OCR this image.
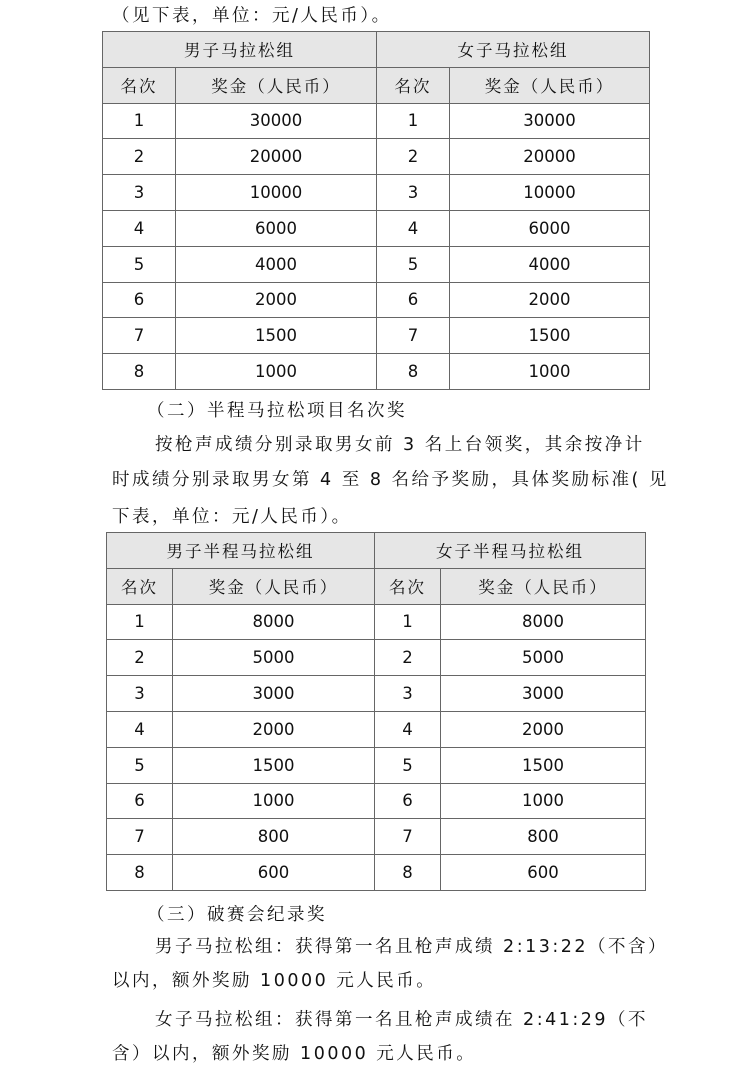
（见下表，单位：元/人民币）。
男子马拉松组		女子马拉松组	
名次	奖金（人民币）	名次	奖金（人民币）
1	30000	1	30000
2	20000	2	20000
3	10000	3	10000
4	6000	4	6000
5	4000	5	4000
6	2000	6	2000
7	1500	7	1500
8	1000	8	1000
（二）半程马拉松项目名次奖
按枪声成绩分别录取男女前 3 名上台领奖，其余按净计
时成绩分别录取男女第 4 至 8 名给予奖励，具体奖励标准( 见
下表，单位：元/人民币）。
男子半程马拉松组		女子半程马拉松组	
名次	奖金（人民币）	名次	奖金（人民币）
1	8000	1	8000
2	5000	2	5000
3	3000	3	3000
4	2000	4	2000
5	1500	5	1500
6	1000	6	1000
7	800	7	800
8	600	8	600
（三）破赛会纪录奖
男子马拉松组：获得第一名且枪声成绩 2:13:22（不含）
以内，额外奖励 10000 元人民币。
女子马拉松组：获得第一名且枪声成绩在 2:41:29（不
含）以内，额外奖励 10000 元人民币。
